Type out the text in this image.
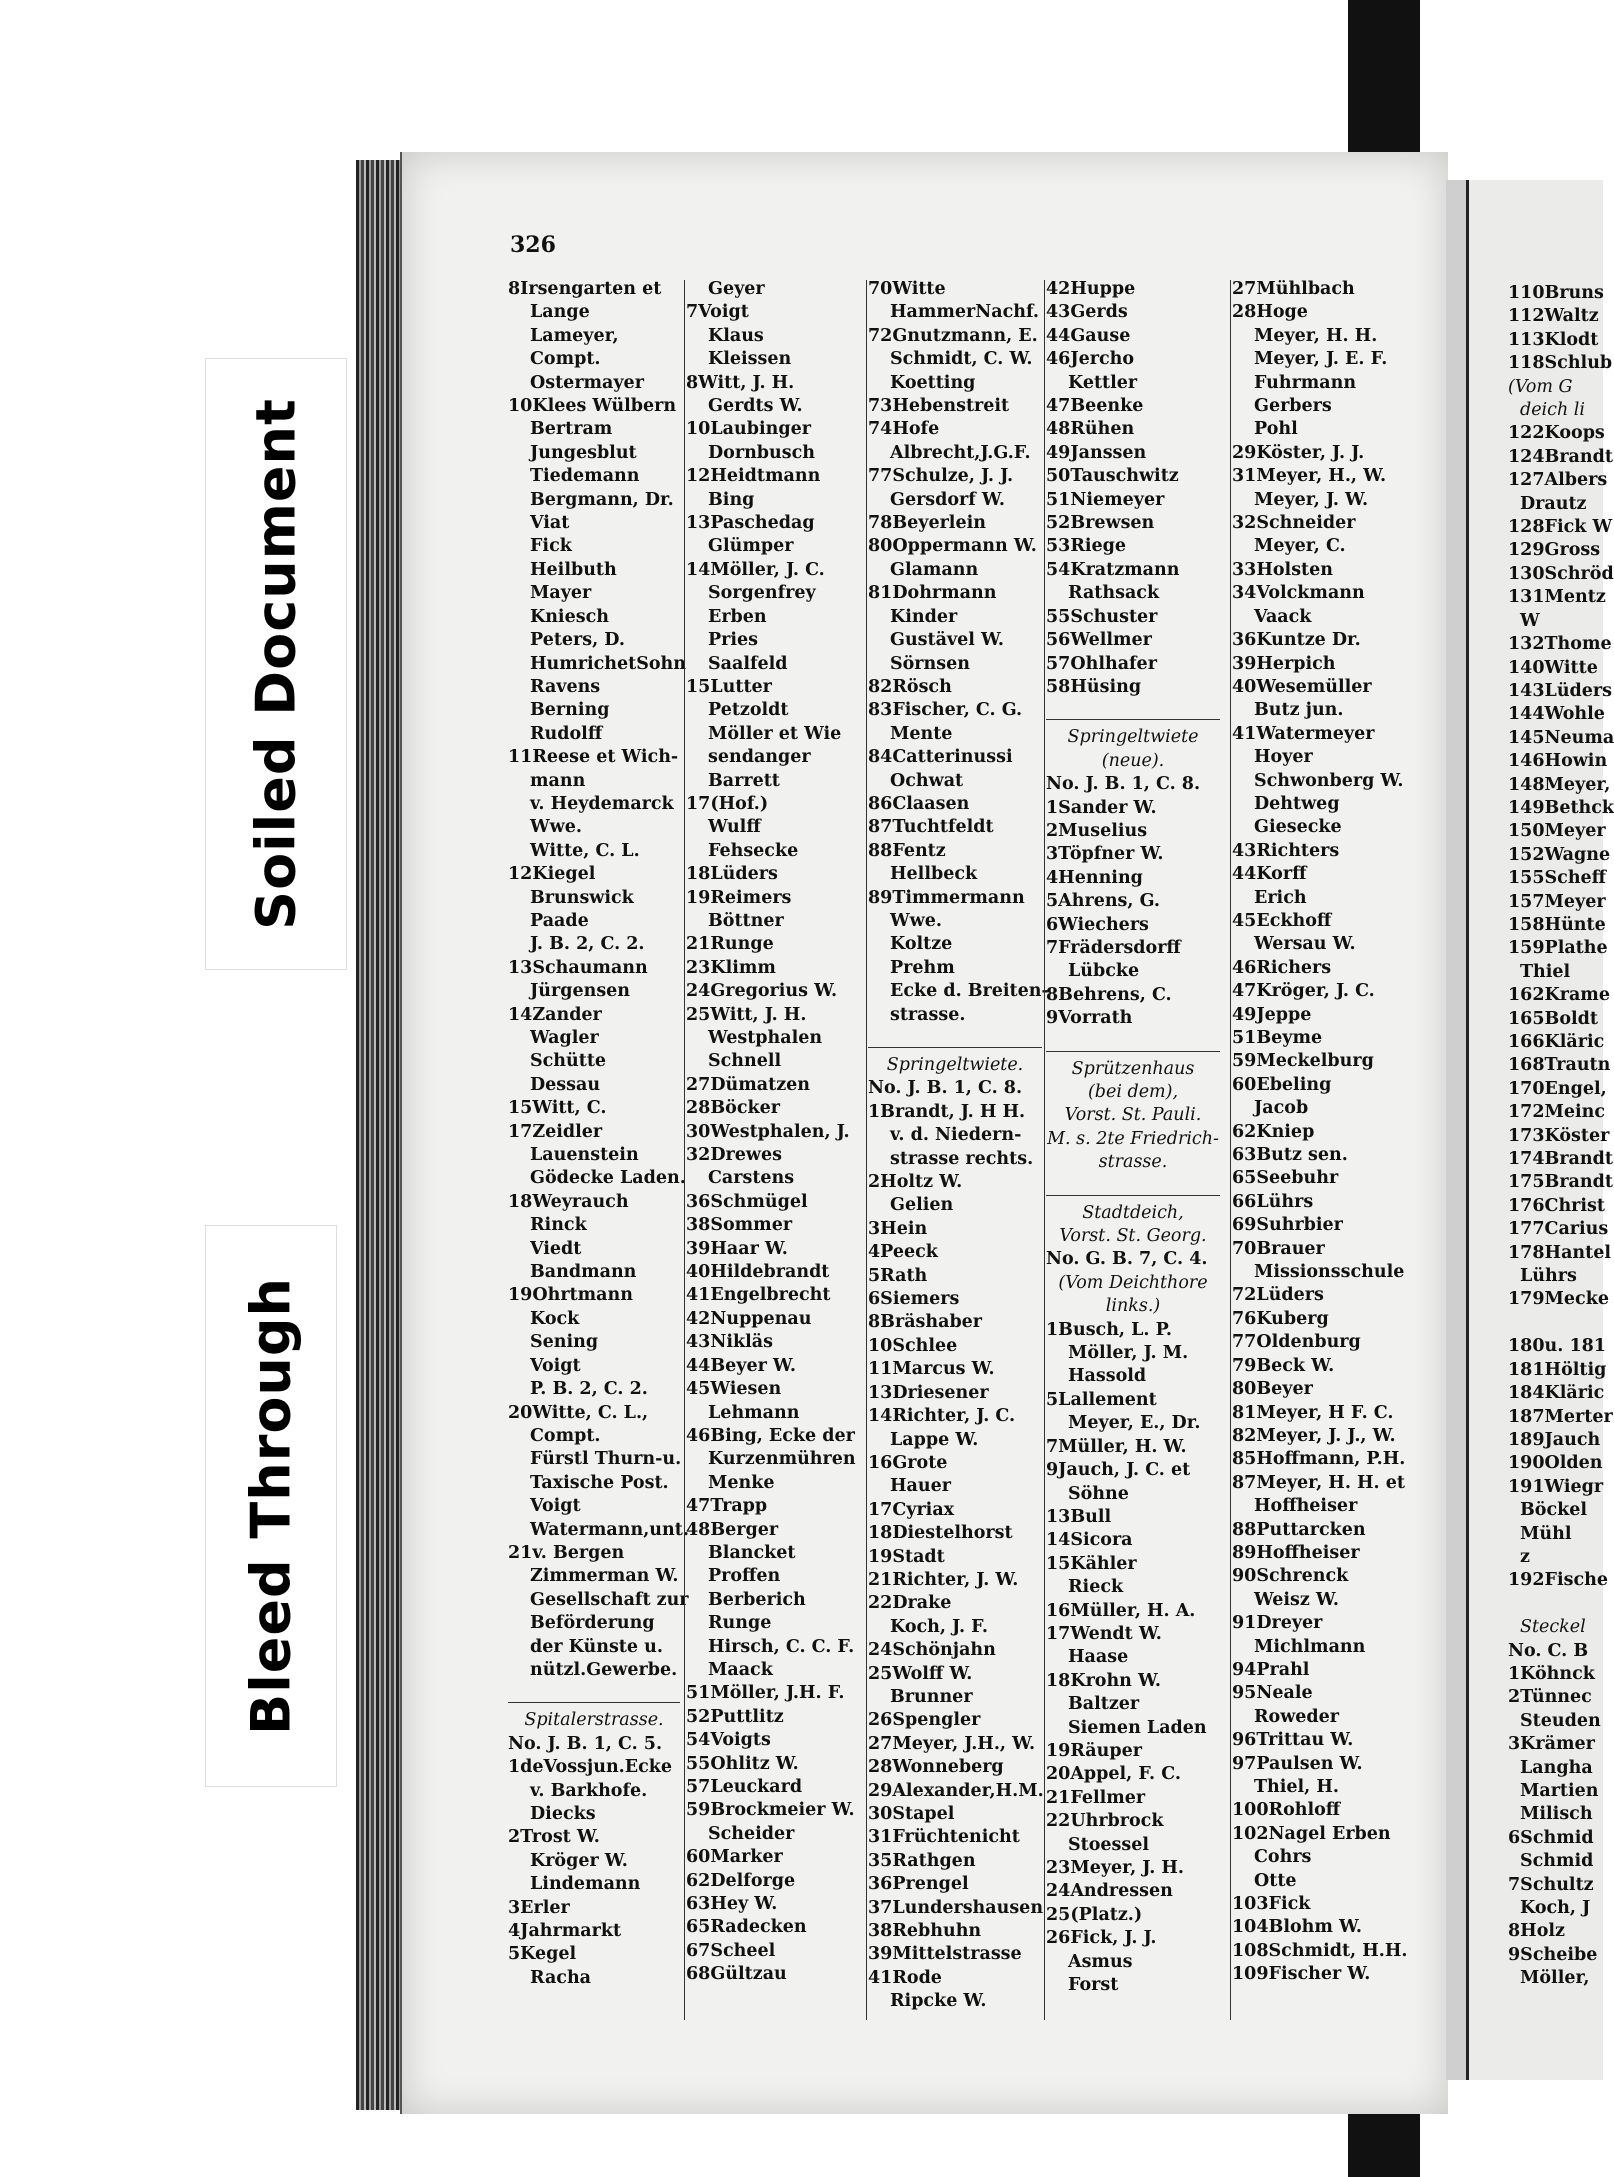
Soiled Document
Bleed Through
326
8Irsengarten et
Lange
Lameyer,
Compt.
Ostermayer
10Klees Wülbern
Bertram
Jungesblut
Tiedemann
Bergmann, Dr.
Viat
Fick
Heilbuth
Mayer
Kniesch
Peters, D.
HumrichetSohn
Ravens
Berning
Rudolff
11Reese et Wich-
mann
v. Heydemarck
Wwe.
Witte, C. L.
12Kiegel
Brunswick
Paade
J. B. 2, C. 2.
13Schaumann
Jürgensen
14Zander
Wagler
Schütte
Dessau
15Witt, C.
17Zeidler
Lauenstein
Gödecke Laden.
18Weyrauch
Rinck
Viedt
Bandmann
19Ohrtmann
Kock
Sening
Voigt
P. B. 2, C. 2.
20Witte, C. L.,
Compt.
Fürstl Thurn-u.
Taxische Post.
Voigt
Watermann,unt.
21v. Bergen
Zimmerman W.
Gesellschaft zur
Beförderung
der Künste u.
nützl.Gewerbe.
Spitalerstrasse.
No. J. B. 1, C. 5.
1deVossjun.Ecke
v. Barkhofe.
Diecks
2Trost W.
Kröger W.
Lindemann
3Erler
4Jahrmarkt
5Kegel
Racha
Geyer
7Voigt
Klaus
Kleissen
8Witt, J. H.
Gerdts W.
10Laubinger
Dornbusch
12Heidtmann
Bing
13Paschedag
Glümper
14Möller, J. C.
Sorgenfrey
Erben
Pries
Saalfeld
15Lutter
Petzoldt
Möller et Wie
sendanger
Barrett
17(Hof.)
Wulff
Fehsecke
18Lüders
19Reimers
Böttner
21Runge
23Klimm
24Gregorius W.
25Witt, J. H.
Westphalen
Schnell
27Dümatzen
28Böcker
30Westphalen, J.
32Drewes
Carstens
36Schmügel
38Sommer
39Haar W.
40Hildebrandt
41Engelbrecht
42Nuppenau
43Nikläs
44Beyer W.
45Wiesen
Lehmann
46Bing, Ecke der
Kurzenmühren
Menke
47Trapp
48Berger
Blancket
Proffen
Berberich
Runge
Hirsch, C. C. F.
Maack
51Möller, J.H. F.
52Puttlitz
54Voigts
55Ohlitz W.
57Leuckard
59Brockmeier W.
Scheider
60Marker
62Delforge
63Hey W.
65Radecken
67Scheel
68Gültzau
70Witte
HammerNachf.
72Gnutzmann, E.
Schmidt, C. W.
Koetting
73Hebenstreit
74Hofe
Albrecht,J.G.F.
77Schulze, J. J.
Gersdorf W.
78Beyerlein
80Oppermann W.
Glamann
81Dohrmann
Kinder
Gustävel W.
Sörnsen
82Rösch
83Fischer, C. G.
Mente
84Catterinussi
Ochwat
86Claasen
87Tuchtfeldt
88Fentz
Hellbeck
89Timmermann
Wwe.
Koltze
Prehm
Ecke d. Breiten-
strasse.
Springeltwiete.
No. J. B. 1, C. 8.
1Brandt, J. H H.
v. d. Niedern-
strasse rechts.
2Holtz W.
Gelien
3Hein
4Peeck
5Rath
6Siemers
8Bräshaber
10Schlee
11Marcus W.
13Driesener
14Richter, J. C.
Lappe W.
16Grote
Hauer
17Cyriax
18Diestelhorst
19Stadt
21Richter, J. W.
22Drake
Koch, J. F.
24Schönjahn
25Wolff W.
Brunner
26Spengler
27Meyer, J.H., W.
28Wonneberg
29Alexander,H.M.
30Stapel
31Früchtenicht
35Rathgen
36Prengel
37Lundershausen
38Rebhuhn
39Mittelstrasse
41Rode
Ripcke W.
42Huppe
43Gerds
44Gause
46Jercho
Kettler
47Beenke
48Rühen
49Janssen
50Tauschwitz
51Niemeyer
52Brewsen
53Riege
54Kratzmann
Rathsack
55Schuster
56Wellmer
57Ohlhafer
58Hüsing
Springeltwiete
(neue).
No. J. B. 1, C. 8.
1Sander W.
2Muselius
3Töpfner W.
4Henning
5Ahrens, G.
6Wiechers
7Frädersdorff
Lübcke
8Behrens, C.
9Vorrath
Sprützenhaus
(bei dem),
Vorst. St. Pauli.
M. s. 2te Friedrich-
strasse.
Stadtdeich,
Vorst. St. Georg.
No. G. B. 7, C. 4.
(Vom Deichthore
links.)
1Busch, L. P.
Möller, J. M.
Hassold
5Lallement
Meyer, E., Dr.
7Müller, H. W.
9Jauch, J. C. et
Söhne
13Bull
14Sicora
15Kähler
Rieck
16Müller, H. A.
17Wendt W.
Haase
18Krohn W.
Baltzer
Siemen Laden
19Räuper
20Appel, F. C.
21Fellmer
22Uhrbrock
Stoessel
23Meyer, J. H.
24Andressen
25(Platz.)
26Fick, J. J.
Asmus
Forst
27Mühlbach
28Hoge
Meyer, H. H.
Meyer, J. E. F.
Fuhrmann
Gerbers
Pohl
29Köster, J. J.
31Meyer, H., W.
Meyer, J. W.
32Schneider
Meyer, C.
33Holsten
34Volckmann
Vaack
36Kuntze Dr.
39Herpich
40Wesemüller
Butz jun.
41Watermeyer
Hoyer
Schwonberg W.
Dehtweg
Giesecke
43Richters
44Korff
Erich
45Eckhoff
Wersau W.
46Richers
47Kröger, J. C.
49Jeppe
51Beyme
59Meckelburg
60Ebeling
Jacob
62Kniep
63Butz sen.
65Seebuhr
66Lührs
69Suhrbier
70Brauer
Missionsschule
72Lüders
76Kuberg
77Oldenburg
79Beck W.
80Beyer
81Meyer, H F. C.
82Meyer, J. J., W.
85Hoffmann, P.H.
87Meyer, H. H. et
Hoffheiser
88Puttarcken
89Hoffheiser
90Schrenck
Weisz W.
91Dreyer
Michlmann
94Prahl
95Neale
Roweder
96Trittau W.
97Paulsen W.
Thiel, H.
100Rohloff
102Nagel Erben
Cohrs
Otte
103Fick
104Blohm W.
108Schmidt, H.H.
109Fischer W.
110Bruns
112Waltz
113Klodt
118Schlub
(Vom G
deich li
122Koops
124Brandt
127Albers
Drautz
128Fick W
129Gross
130Schröd
131Mentz
W
132Thome
140Witte
143Lüders
144Wohle
145Neuma
146Howin
148Meyer,
149Bethck
150Meyer
152Wagne
155Scheff
157Meyer
158Hünte
159Plathe
Thiel
162Krame
165Boldt
166Kläric
168Trautn
170Engel,
172Meinc
173Köster
174Brandt
175Brandt
176Christ
177Carius
178Hantel
Lührs
179Mecke

180u. 181
181Höltig
184Kläric
187Merter
189Jauch
190Olden
191Wiegr
Böckel
Mühl
z
192Fische

Steckel
No. C. B
1Köhnck
2Tünnec
Steuden
3Krämer
Langha
Martien
Milisch
6Schmid
Schmid
7Schultz
Koch, J
8Holz
9Scheibe
Möller,
